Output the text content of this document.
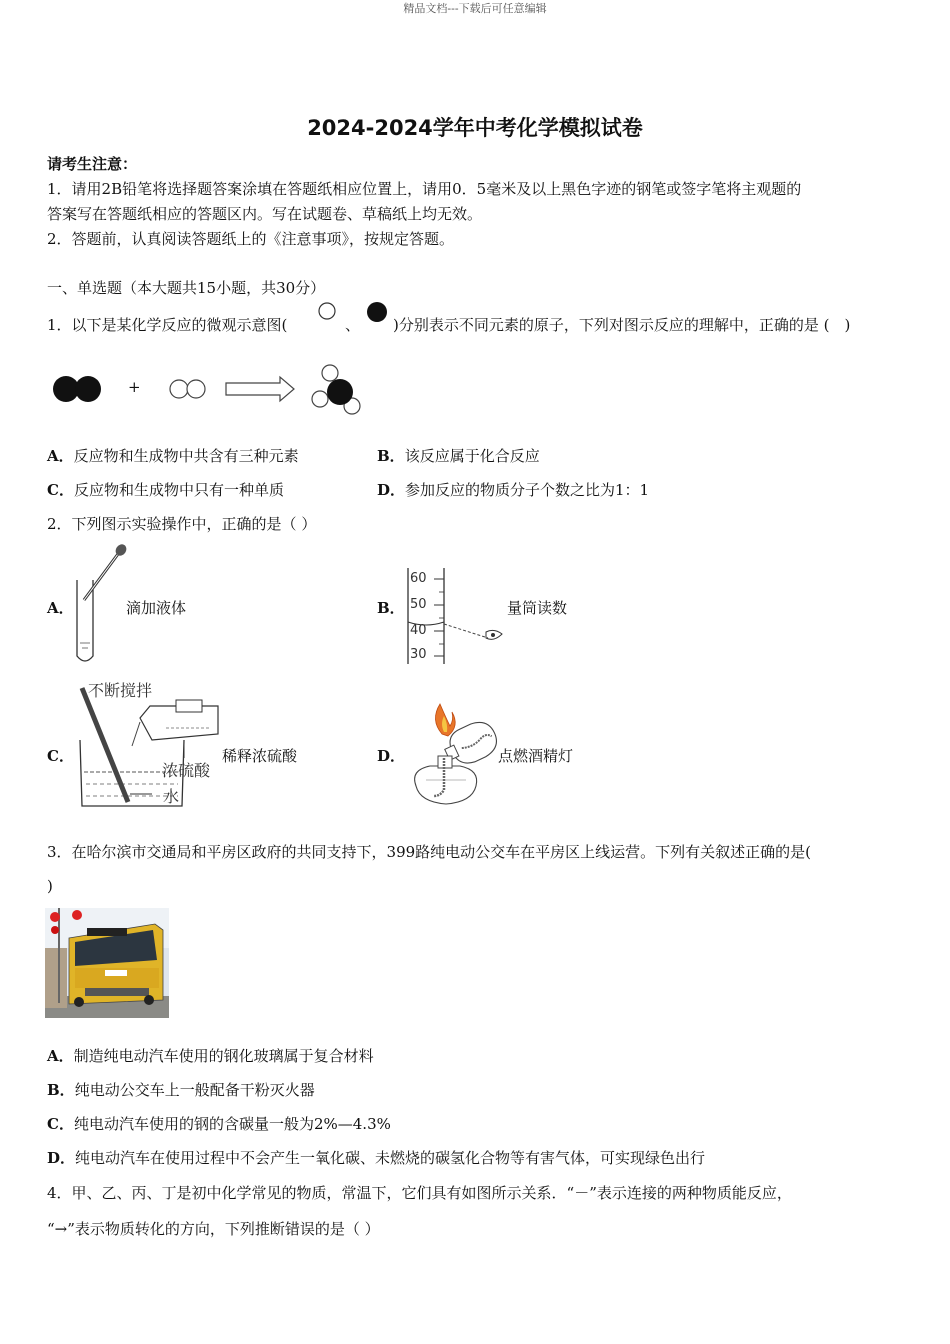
精品文档---下载后可任意编辑
2024-2024学年中考化学模拟试卷
请考生注意：
1．请用2B铅笔将选择题答案涂填在答题纸相应位置上，请用0．5毫米及以上黑色字迹的钢笔或签字笔将主观题的
答案写在答题纸相应的答题区内。写在试题卷、草稿纸上均无效。
2．答题前，认真阅读答题纸上的《注意事项》，按规定答题。
一、单选题（本大题共15小题，共30分）
1．以下是某化学反应的微观示意图(	、 )分别表示不同元素的原子，下列对图示反应的理解中，正确的是 (　)
+
A．反应物和生成物中共含有三种元素	B．该反应属于化合反应
C．反应物和生成物中只有一种单质	D．参加反应的物质分子个数之比为1：1
2．下列图示实验操作中，正确的是（ ）
A．	滴加液体	B．
60
50
40
30
量筒读数
C．
不断搅拌
浓硫酸
水
稀释浓硫酸	D．	点燃酒精灯
3．在哈尔滨市交通局和平房区政府的共同支持下，399路纯电动公交车在平房区上线运营。下列有关叙述正确的是(
)
A．制造纯电动汽车使用的钢化玻璃属于复合材料
B．纯电动公交车上一般配备干粉灭火器
C．纯电动汽车使用的钢的含碳量一般为2%—4.3%
D．纯电动汽车在使用过程中不会产生一氧化碳、未燃烧的碳氢化合物等有害气体，可实现绿色出行
4．甲、乙、丙、丁是初中化学常见的物质，常温下，它们具有如图所示关系．“－”表示连接的两种物质能反应，
“→”表示物质转化的方向，下列推断错误的是（ ）
